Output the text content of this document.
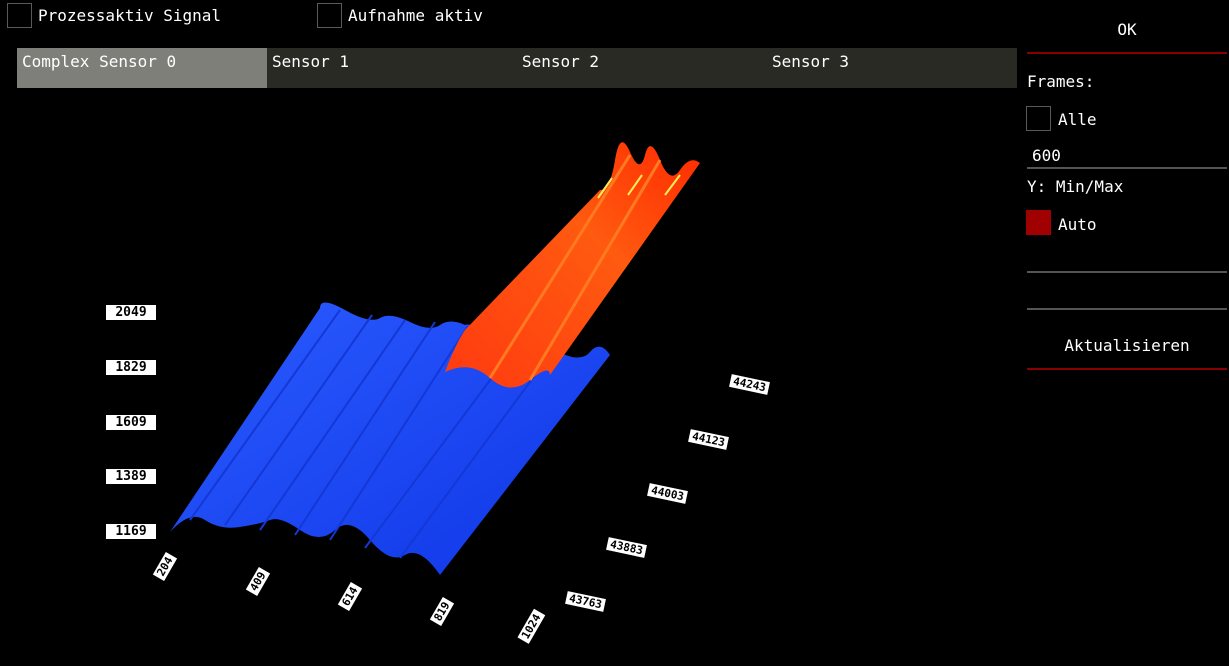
Prozessaktiv Signal	Aufnahme aktiv
Complex Sensor 0	Sensor 1	Sensor 2	Sensor 3
OK
Frames:
Alle
600
Y: Min/Max
Auto
Aktualisieren
2049
1829
1609
1389
1169
204
409
614
819
1024
44243
44123
44003
43883
43763
